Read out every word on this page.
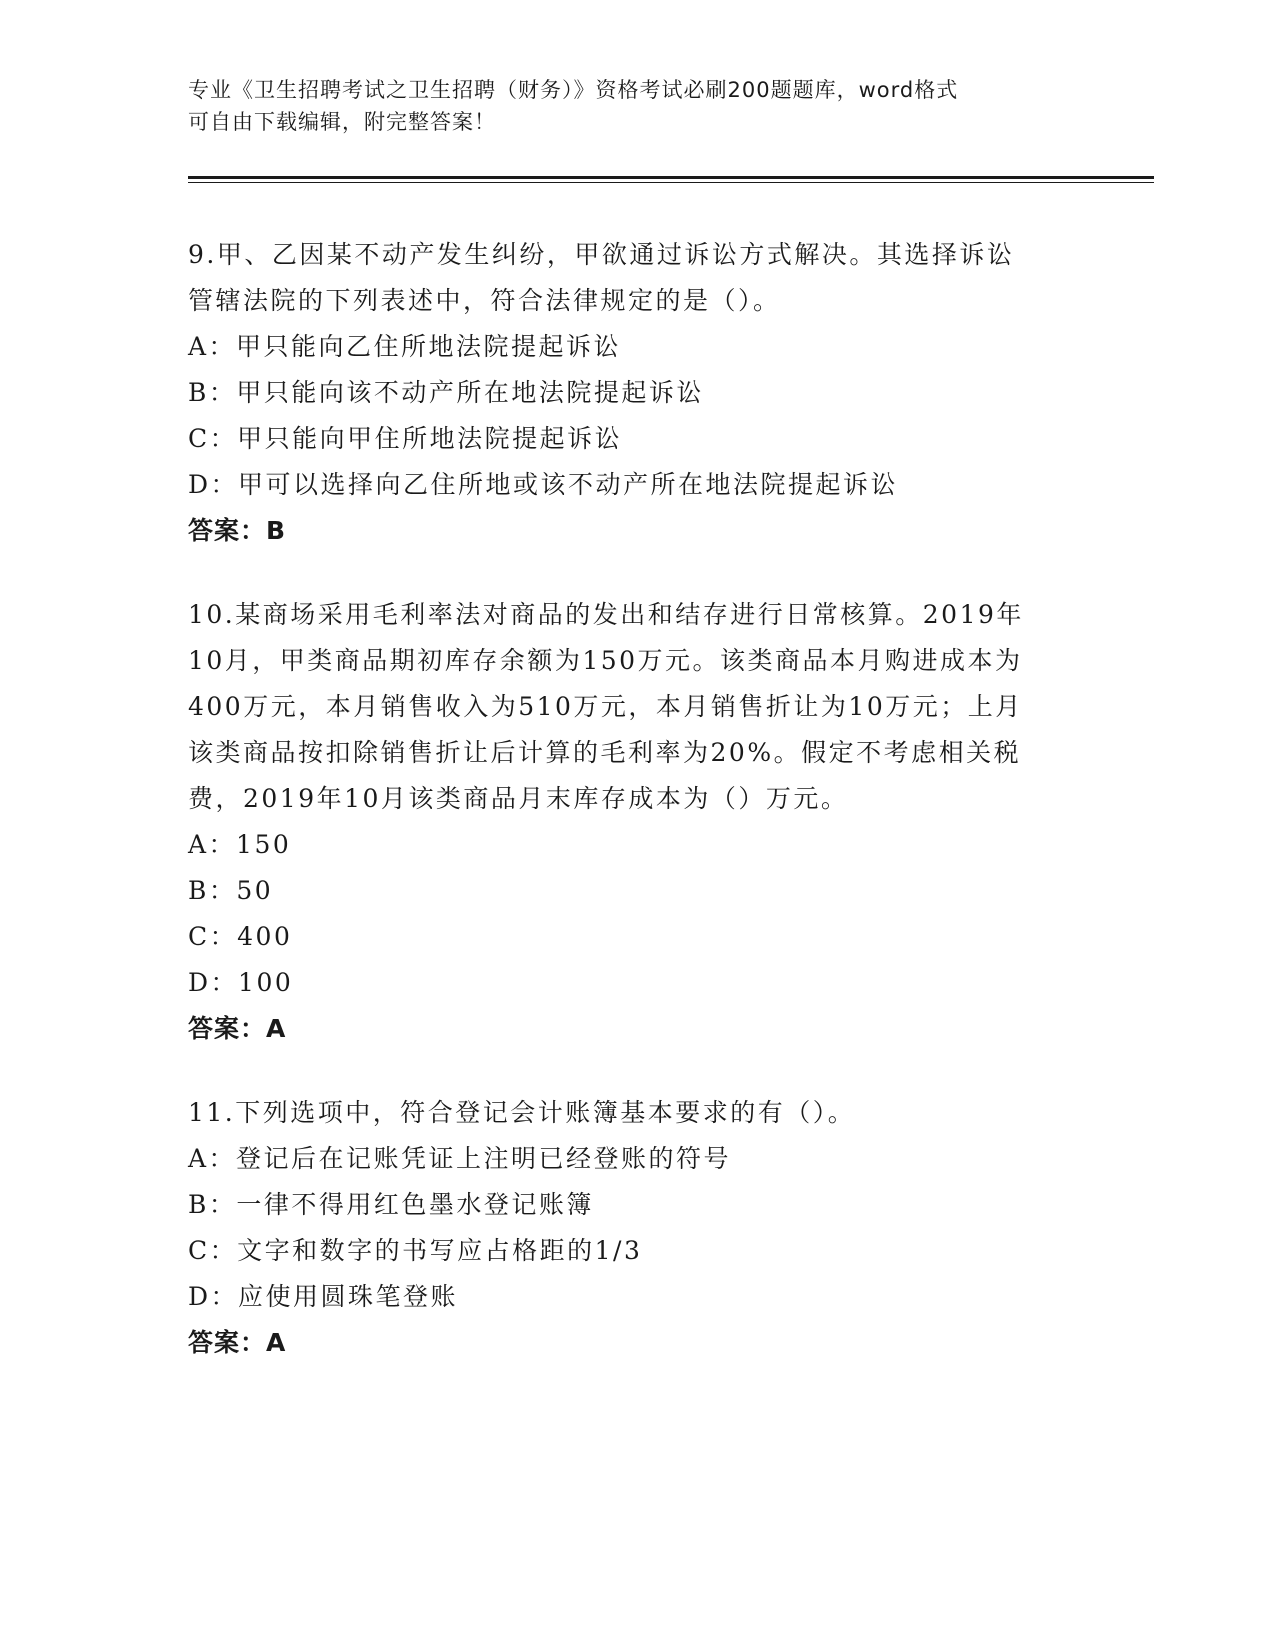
专业《卫生招聘考试之卫生招聘（财务）》资格考试必刷200题题库，word格式

可自由下载编辑，附完整答案！

9.甲、乙因某不动产发生纠纷，甲欲通过诉讼方式解决。其选择诉讼

管辖法院的下列表述中，符合法律规定的是（）。

A：甲只能向乙住所地法院提起诉讼

B：甲只能向该不动产所在地法院提起诉讼

C：甲只能向甲住所地法院提起诉讼

D：甲可以选择向乙住所地或该不动产所在地法院提起诉讼

答案：B

10.某商场采用毛利率法对商品的发出和结存进行日常核算。2019年

10月，甲类商品期初库存余额为150万元。该类商品本月购进成本为

400万元，本月销售收入为510万元，本月销售折让为10万元；上月

该类商品按扣除销售折让后计算的毛利率为20%。假定不考虑相关税

费，2019年10月该类商品月末库存成本为（）万元。

A：150

B：50

C：400

D：100

答案：A

11.下列选项中，符合登记会计账簿基本要求的有（）。

A：登记后在记账凭证上注明已经登账的符号

B：一律不得用红色墨水登记账簿

C：文字和数字的书写应占格距的1/3

D：应使用圆珠笔登账

答案：A
